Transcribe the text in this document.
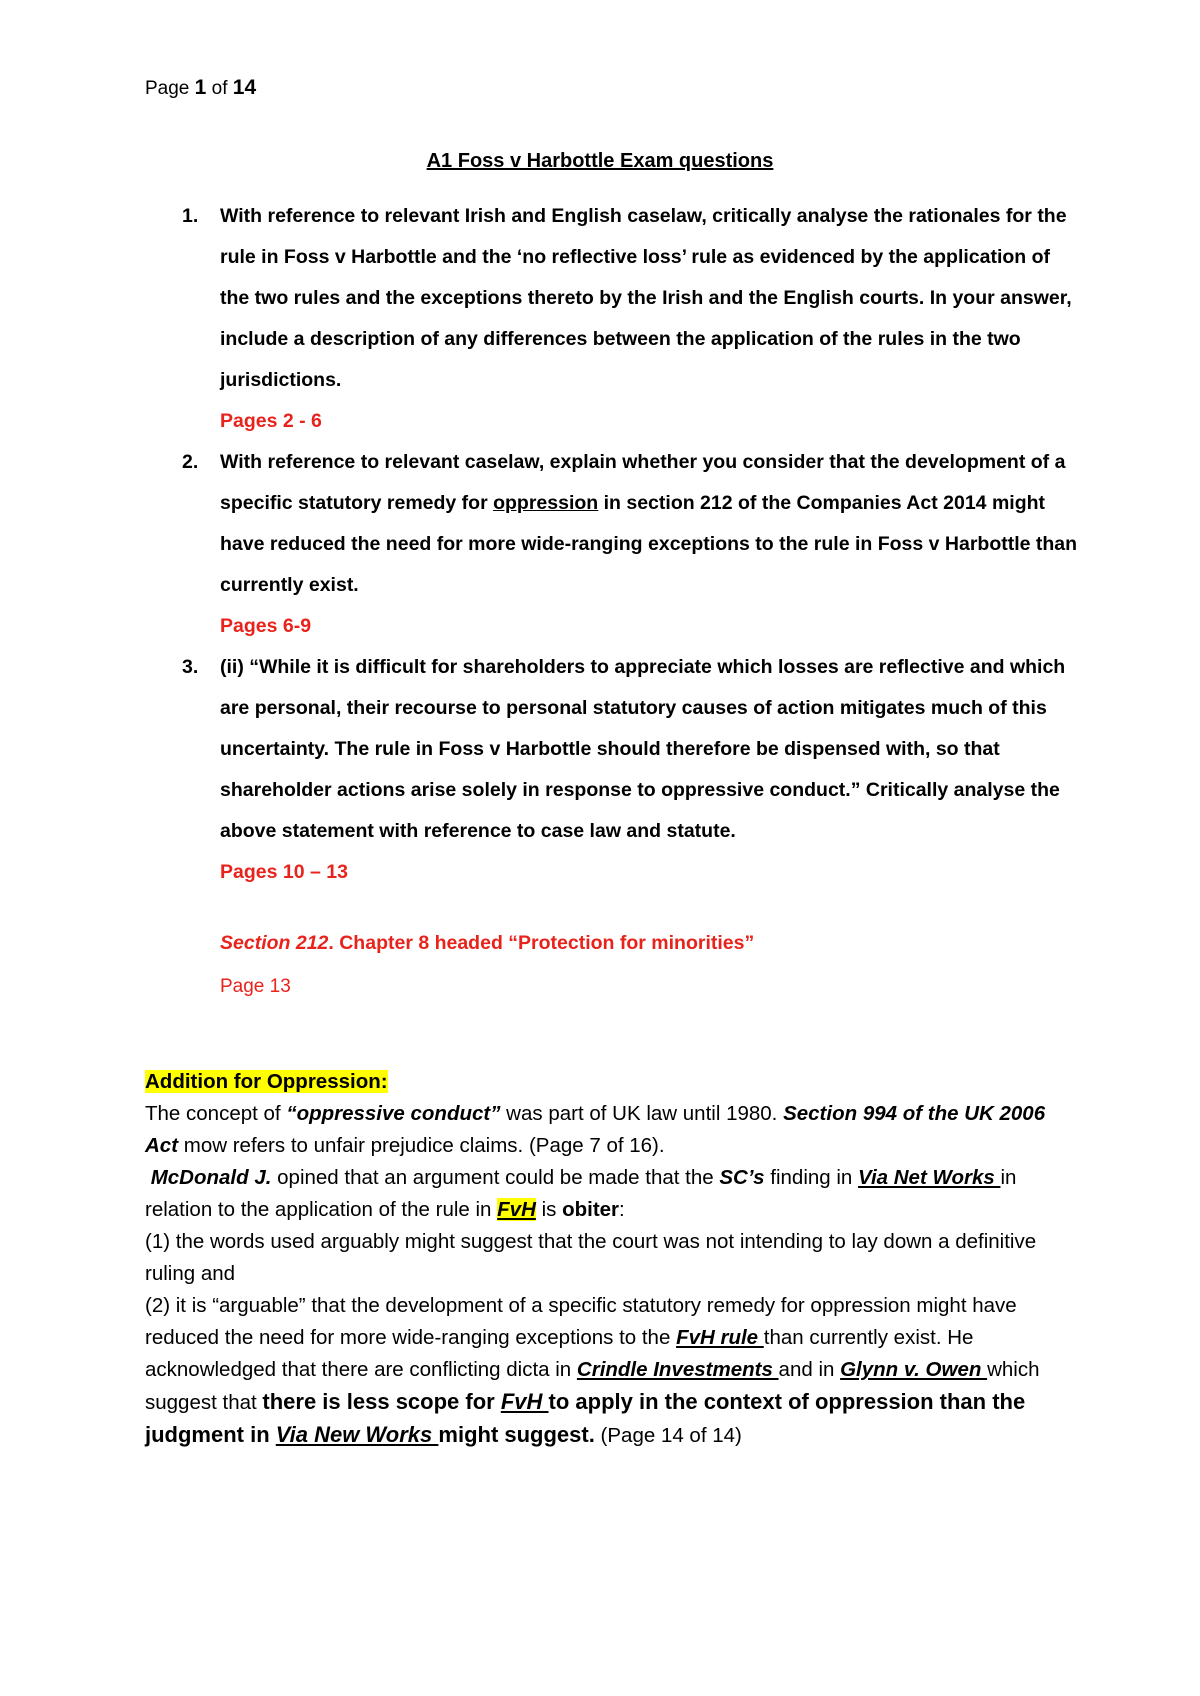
Page 1 of 14
A1 Foss v Harbottle Exam questions
1. With reference to relevant Irish and English caselaw, critically analyse the rationales for the rule in Foss v Harbottle and the ‘no reflective loss’ rule as evidenced by the application of the two rules and the exceptions thereto by the Irish and the English courts. In your answer, include a description of any differences between the application of the rules in the two jurisdictions.
Pages 2 - 6
2. With reference to relevant caselaw, explain whether you consider that the development of a specific statutory remedy for oppression in section 212 of the Companies Act 2014 might have reduced the need for more wide-ranging exceptions to the rule in Foss v Harbottle than currently exist.
Pages 6-9
3. (ii) “While it is difficult for shareholders to appreciate which losses are reflective and which are personal, their recourse to personal statutory causes of action mitigates much of this uncertainty. The rule in Foss v Harbottle should therefore be dispensed with, so that shareholder actions arise solely in response to oppressive conduct.” Critically analyse the above statement with reference to case law and statute.
Pages 10 – 13
Section 212. Chapter 8 headed “Protection for minorities”
Page 13
Addition for Oppression:
The concept of “oppressive conduct” was part of UK law until 1980. Section 994 of the UK 2006 Act mow refers to unfair prejudice claims. (Page 7 of 16).
McDonald J. opined that an argument could be made that the SC’s finding in Via Net Works in relation to the application of the rule in FvH is obiter:
(1) the words used arguably might suggest that the court was not intending to lay down a definitive ruling and
(2) it is “arguable” that the development of a specific statutory remedy for oppression might have reduced the need for more wide-ranging exceptions to the FvH rule than currently exist. He acknowledged that there are conflicting dicta in Crindle Investments and in Glynn v. Owen which suggest that there is less scope for FvH to apply in the context of oppression than the judgment in Via New Works might suggest. (Page 14 of 14)
